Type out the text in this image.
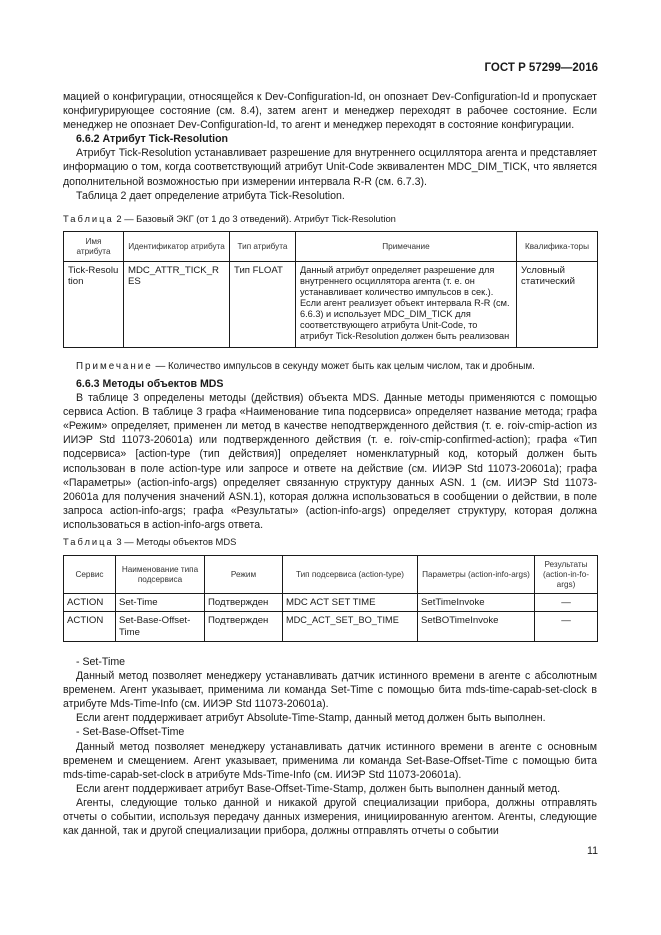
ГОСТ Р 57299—2016

мацией о конфигурации, относящейся к Dev-Configuration-Id, он опознает Dev-Configuration-Id и пропускает конфигурирующее состояние (см. 8.4), затем агент и менеджер переходят в рабочее состояние. Если менеджер не опознает Dev-Configuration-Id, то агент и менеджер переходят в состояние конфигурации.

6.6.2 Атрибут Tick-Resolution

Атрибут Tick-Resolution устанавливает разрешение для внутреннего осциллятора агента и представляет информацию о том, когда соответствующий атрибут Unit-Code эквивалентен MDC_DIM_TICK, что является дополнительной возможностью при измерении интервала R-R (см. 6.7.3).

Таблица 2 дает определение атрибута Tick-Resolution.

Таблица 2 — Базовый ЭКГ (от 1 до 3 отведений). Атрибут Tick-Resolution

Имя атрибута	Идентификатор атрибута	Тип атрибута	Примечание	Квалифика-торы
Tick-Resolution	MDC_ATTR_TICK_RES	Тип FLOAT	Данный атрибут определяет разрешение для внутреннего осциллятора агента (т. е. он устанавливает количество импульсов в сек.). Если агент реализует объект интервала R-R (см. 6.6.3) и использует MDC_DIM_TICK для соответствующего атрибута Unit-Code, то атрибут Tick-Resolution должен быть реализован	Условный статический

Примечание — Количество импульсов в секунду может быть как целым числом, так и дробным.

6.6.3 Методы объектов MDS

В таблице 3 определены методы (действия) объекта MDS. Данные методы применяются с помощью сервиса Action. В таблице 3 графа «Наименование типа подсервиса» определяет название метода; графа «Режим» определяет, применен ли метод в качестве неподтвержденного действия (т. е. roiv-cmip-action из ИИЭР Std 11073-20601a) или подтвержденного действия (т. е. roiv-cmip-confirmed-action); графа «Тип подсервиса» [action-type (тип действия)] определяет номенклатурный код, который должен быть использован в поле action-type или запросе и ответе на действие (см. ИИЭР Std 11073-20601a); графа «Параметры» (action-info-args) определяет связанную структуру данных ASN. 1 (см. ИИЭР Std 11073-20601a для получения значений ASN.1), которая должна использоваться в сообщении о действии, в поле запроса action-info-args; графа «Результаты» (action-info-args) определяет структуру, которая должна использоваться в action-info-args ответа.

Таблица 3 — Методы объектов MDS

Сервис	Наименование типа подсервиса	Режим	Тип подсервиса (action-type)	Параметры (action-info-args)	Результаты (action-in-fo-args)
ACTION	Set-Time	Подтвержден	MDC ACT SET TIME	SetTimeInvoke	—
ACTION	Set-Base-Offset-Time	Подтвержден	MDC_ACT_SET_BO_TIME	SetBOTimeInvoke	—

- Set-Time

Данный метод позволяет менеджеру устанавливать датчик истинного времени в агенте с абсолютным временем. Агент указывает, применима ли команда Set-Time с помощью бита mds-time-capab-set-clock в атрибуте Mds-Time-Info (см. ИИЭР Std 11073-20601a).

Если агент поддерживает атрибут Absolute-Time-Stamp, данный метод должен быть выполнен.

- Set-Base-Offset-Time

Данный метод позволяет менеджеру устанавливать датчик истинного времени в агенте с основным временем и смещением. Агент указывает, применима ли команда Set-Base-Offset-Time с помощью бита mds-time-capab-set-clock в атрибуте Mds-Time-Info (см. ИИЭР Std 11073-20601a).

Если агент поддерживает атрибут Base-Offset-Time-Stamp, должен быть выполнен данный метод.

Агенты, следующие только данной и никакой другой специализации прибора, должны отправлять отчеты о событии, используя передачу данных измерения, инициированную агентом. Агенты, следующие как данной, так и другой специализации прибора, должны отправлять отчеты о событии

11
